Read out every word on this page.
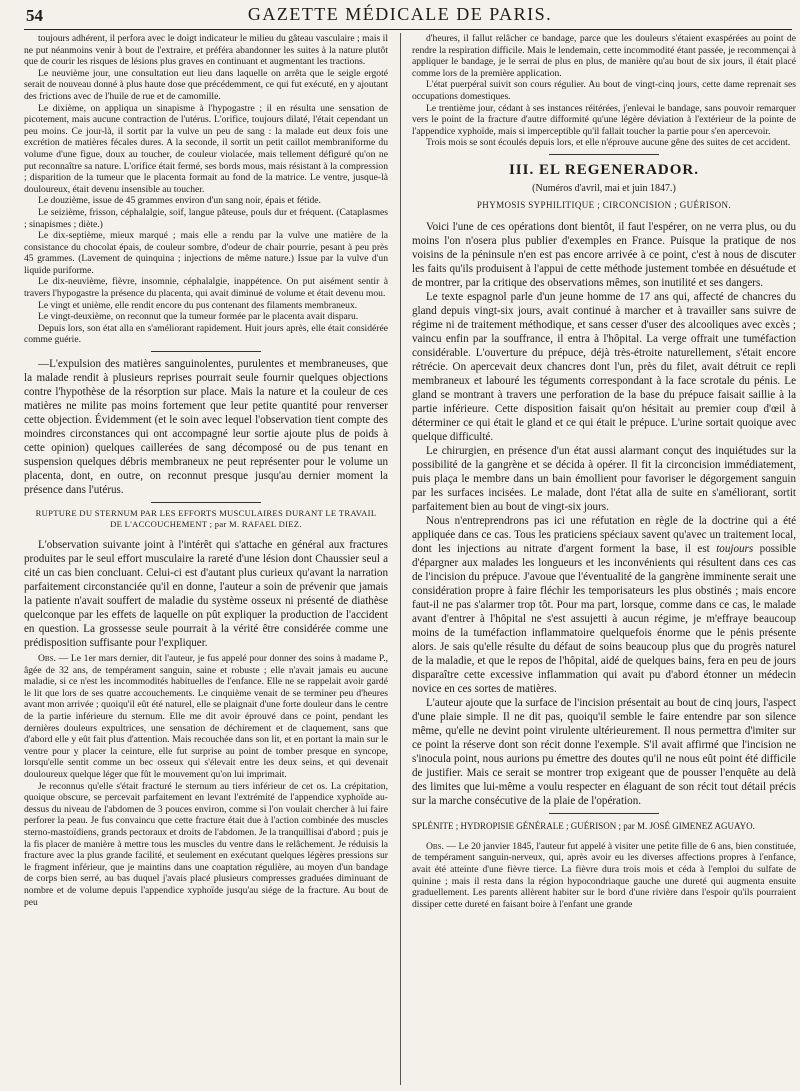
54	GAZETTE MÉDICALE DE PARIS.

toujours adhérent, il perfora avec le doigt indicateur le milieu du gâteau vasculaire ; mais il ne put néanmoins venir à bout de l'extraire, et préféra abandonner les suites à la nature plutôt que de courir les risques de lésions plus graves en continuant et augmentant les tractions.

Le neuvième jour, une consultation eut lieu dans laquelle on arrêta que le seigle ergoté serait de nouveau donné à plus haute dose que précédemment, ce qui fut exécuté, en y ajoutant des frictions avec de l'huile de rue et de camomille.

Le dixième, on appliqua un sinapisme à l'hypogastre ; il en résulta une sensation de picotement, mais aucune contraction de l'utérus. L'orifice, toujours dilaté, l'était cependant un peu moins. Ce jour-là, il sortit par la vulve un peu de sang : la malade eut deux fois une excrétion de matières fécales dures. A la seconde, il sortit un petit caillot membraniforme du volume d'une figue, doux au toucher, de couleur violacée, mais tellement défiguré qu'on ne put reconnaître sa nature. L'orifice était fermé, ses bords mous, mais résistant à la compression ; disparition de la tumeur que le placenta formait au fond de la matrice. Le ventre, jusque-là douloureux, était devenu insensible au toucher.

Le douzième, issue de 45 grammes environ d'un sang noir, épais et fétide.

Le seizième, frisson, céphalalgie, soif, langue pâteuse, pouls dur et fréquent. (Cataplasmes ; sinapismes ; diète.)

Le dix-septième, mieux marqué ; mais elle a rendu par la vulve une matière de la consistance du chocolat épais, de couleur sombre, d'odeur de chair pourrie, pesant à peu près 45 grammes. (Lavement de quinquina ; injections de même nature.) Issue par la vulve d'un liquide puriforme.

Le dix-neuvième, fièvre, insomnie, céphalalgie, inappétence. On put aisément sentir à travers l'hypogastre la présence du placenta, qui avait diminué de volume et était devenu mou.

Le vingt et unième, elle rendit encore du pus contenant des filaments membraneux.

Le vingt-deuxième, on reconnut que la tumeur formée par le placenta avait disparu.

Depuis lors, son état alla en s'améliorant rapidement. Huit jours après, elle était considérée comme guérie.

—L'expulsion des matières sanguinolentes, purulentes et membraneuses, que la malade rendit à plusieurs reprises pourrait seule fournir quelques objections contre l'hypothèse de la résorption sur place. Mais la nature et la couleur de ces matières ne milite pas moins fortement que leur petite quantité pour renverser cette objection. Évidemment (et le soin avec lequel l'observation tient compte des moindres circonstances qui ont accompagné leur sortie ajoute plus de poids à cette opinion) quelques caillerées de sang décomposé ou de pus tenant en suspension quelques débris membraneux ne peut représenter pour le volume un placenta, dont, en outre, on reconnut presque jusqu'au dernier moment la présence dans l'utérus.

RUPTURE DU STERNUM PAR LES EFFORTS MUSCULAIRES DURANT LE TRAVAIL
DE L'ACCOUCHEMENT ; par M. RAFAEL DIEZ.

L'observation suivante joint à l'intérêt qui s'attache en général aux fractures produites par le seul effort musculaire la rareté d'une lésion dont Chaussier seul a cité un cas bien concluant. Celui-ci est d'autant plus curieux qu'avant la narration parfaitement circonstanciée qu'il en donne, l'auteur a soin de prévenir que jamais la patiente n'avait souffert de maladie du système osseux ni présenté de diathèse quelconque par les effets de laquelle on pût expliquer la production de l'accident en question. La grossesse seule pourrait à la vérité être considérée comme une prédisposition suffisante pour l'expliquer.

Obs. — Le 1er mars dernier, dit l'auteur, je fus appelé pour donner des soins à madame P., âgée de 32 ans, de tempérament sanguin, saine et robuste ; elle n'avait jamais eu aucune maladie, si ce n'est les incommodités habituelles de l'enfance. Elle ne se rappelait avoir gardé le lit que lors de ses quatre accouchements. Le cinquième venait de se terminer peu d'heures avant mon arrivée ; quoiqu'il eût été naturel, elle se plaignait d'une forte douleur dans le centre de la partie inférieure du sternum. Elle me dit avoir éprouvé dans ce point, pendant les dernières douleurs expultrices, une sensation de déchirement et de claquement, sans que d'abord elle y eût fait plus d'attention. Mais recouchée dans son lit, et en portant la main sur le ventre pour y placer la ceinture, elle fut surprise au point de tomber presque en syncope, lorsqu'elle sentit comme un bec osseux qui s'élevait entre les deux seins, et qui devenait douloureux quelque léger que fût le mouvement qu'on lui imprimait.

Je reconnus qu'elle s'était fracturé le sternum au tiers inférieur de cet os. La crépitation, quoique obscure, se percevait parfaitement en levant l'extrémité de l'appendice xyphoïde au-dessus du niveau de l'abdomen de 3 pouces environ, comme si l'on voulait chercher à lui faire perforer la peau. Je fus convaincu que cette fracture était due à l'action combinée des muscles sterno-mastoïdiens, grands pectoraux et droits de l'abdomen. Je la tranquillisai d'abord ; puis je la fis placer de manière à mettre tous les muscles du ventre dans le relâchement. Je réduisis la fracture avec la plus grande facilité, et seulement en exécutant quelques légères pressions sur le fragment inférieur, que je maintins dans une coaptation régulière, au moyen d'un bandage de corps bien serré, au bas duquel j'avais placé plusieurs compresses graduées diminuant de nombre et de volume depuis l'appendice xyphoïde jusqu'au siége de la fracture. Au bout de peu

d'heures, il fallut relâcher ce bandage, parce que les douleurs s'étaient exaspérées au point de rendre la respiration difficile. Mais le lendemain, cette incommodité étant passée, je recommençai à appliquer le bandage, je le serrai de plus en plus, de manière qu'au bout de six jours, il était placé comme lors de la première application.

L'état puerpéral suivit son cours régulier. Au bout de vingt-cinq jours, cette dame reprenait ses occupations domestiques.

Le trentième jour, cédant à ses instances réitérées, j'enlevai le bandage, sans pouvoir remarquer vers le point de la fracture d'autre difformité qu'une légère déviation à l'extérieur de la pointe de l'appendice xyphoïde, mais si imperceptible qu'il fallait toucher la partie pour s'en apercevoir.

Trois mois se sont écoulés depuis lors, et elle n'éprouve aucune gêne des suites de cet accident.

III. EL REGENERADOR.
(Numéros d'avril, mai et juin 1847.)
PHYMOSIS SYPHILITIQUE ; CIRCONCISION ; GUÉRISON.

Voici l'une de ces opérations dont bientôt, il faut l'espérer, on ne verra plus, ou du moins l'on n'osera plus publier d'exemples en France. Puisque la pratique de nos voisins de la péninsule n'en est pas encore arrivée à ce point, c'est à nous de discuter les faits qu'ils produisent à l'appui de cette méthode justement tombée en désuétude et de montrer, par la critique des observations mêmes, son inutilité et ses dangers.

Le texte espagnol parle d'un jeune homme de 17 ans qui, affecté de chancres du gland depuis vingt-six jours, avait continué à marcher et à travailler sans suivre de régime ni de traitement méthodique, et sans cesser d'user des alcooliques avec excès ; vaincu enfin par la souffrance, il entra à l'hôpital. La verge offrait une tuméfaction considérable. L'ouverture du prépuce, déjà très-étroite naturellement, s'était encore rétrécie. On apercevait deux chancres dont l'un, près du filet, avait détruit ce repli membraneux et labouré les téguments correspondant à la face scrotale du pénis. Le gland se montrant à travers une perforation de la base du prépuce faisait saillie à la partie inférieure. Cette disposition faisait qu'on hésitait au premier coup d'œil à déterminer ce qui était le gland et ce qui était le prépuce. L'urine sortait quoique avec quelque difficulté.

Le chirurgien, en présence d'un état aussi alarmant conçut des inquiétudes sur la possibilité de la gangrène et se décida à opérer. Il fit la circoncision immédiatement, puis plaça le membre dans un bain émollient pour favoriser le dégorgement sanguin par les surfaces incisées. Le malade, dont l'état alla de suite en s'améliorant, sortit parfaitement bien au bout de vingt-six jours.

Nous n'entreprendrons pas ici une réfutation en règle de la doctrine qui a été appliquée dans ce cas. Tous les praticiens spéciaux savent qu'avec un traitement local, dont les injections au nitrate d'argent forment la base, il est toujours possible d'épargner aux malades les longueurs et les inconvénients qui résultent dans ces cas de l'incision du prépuce. J'avoue que l'éventualité de la gangrène imminente serait une considération propre à faire fléchir les temporisateurs les plus obstinés ; mais encore faut-il ne pas s'alarmer trop tôt. Pour ma part, lorsque, comme dans ce cas, le malade avant d'entrer à l'hôpital ne s'est assujetti à aucun régime, je m'effraye beaucoup moins de la tuméfaction inflammatoire quelquefois énorme que le pénis présente alors. Je sais qu'elle résulte du défaut de soins beaucoup plus que du progrès naturel de la maladie, et que le repos de l'hôpital, aidé de quelques bains, fera en peu de jours disparaître cette excessive inflammation qui avait pu d'abord étonner un médecin novice en ces sortes de matières.

L'auteur ajoute que la surface de l'incision présentait au bout de cinq jours, l'aspect d'une plaie simple. Il ne dit pas, quoiqu'il semble le faire entendre par son silence même, qu'elle ne devint point virulente ultérieurement. Il nous permettra d'imiter sur ce point la réserve dont son récit donne l'exemple. S'il avait affirmé que l'incision ne s'inocula point, nous aurions pu émettre des doutes qu'il ne nous eût point été difficile de justifier. Mais ce serait se montrer trop exigeant que de pousser l'enquête au delà des limites que lui-même a voulu respecter en élaguant de son récit tout détail précis sur la marche consécutive de la plaie de l'opération.

SPLÉNITE ; HYDROPISIE GÉNÉRALE ; GUÉRISON ; par M. JOSÉ GIMENEZ AGUAYO.

Obs. — Le 20 janvier 1845, l'auteur fut appelé à visiter une petite fille de 6 ans, bien constituée, de tempérament sanguin-nerveux, qui, après avoir eu les diverses affections propres à l'enfance, avait été atteinte d'une fièvre tierce. La fièvre dura trois mois et céda à l'emploi du sulfate de quinine ; mais il resta dans la région hypocondriaque gauche une dureté qui augmenta ensuite graduellement. Les parents allèrent habiter sur le bord d'une rivière dans l'espoir qu'ils pourraient dissiper cette dureté en faisant boire à l'enfant une grande
